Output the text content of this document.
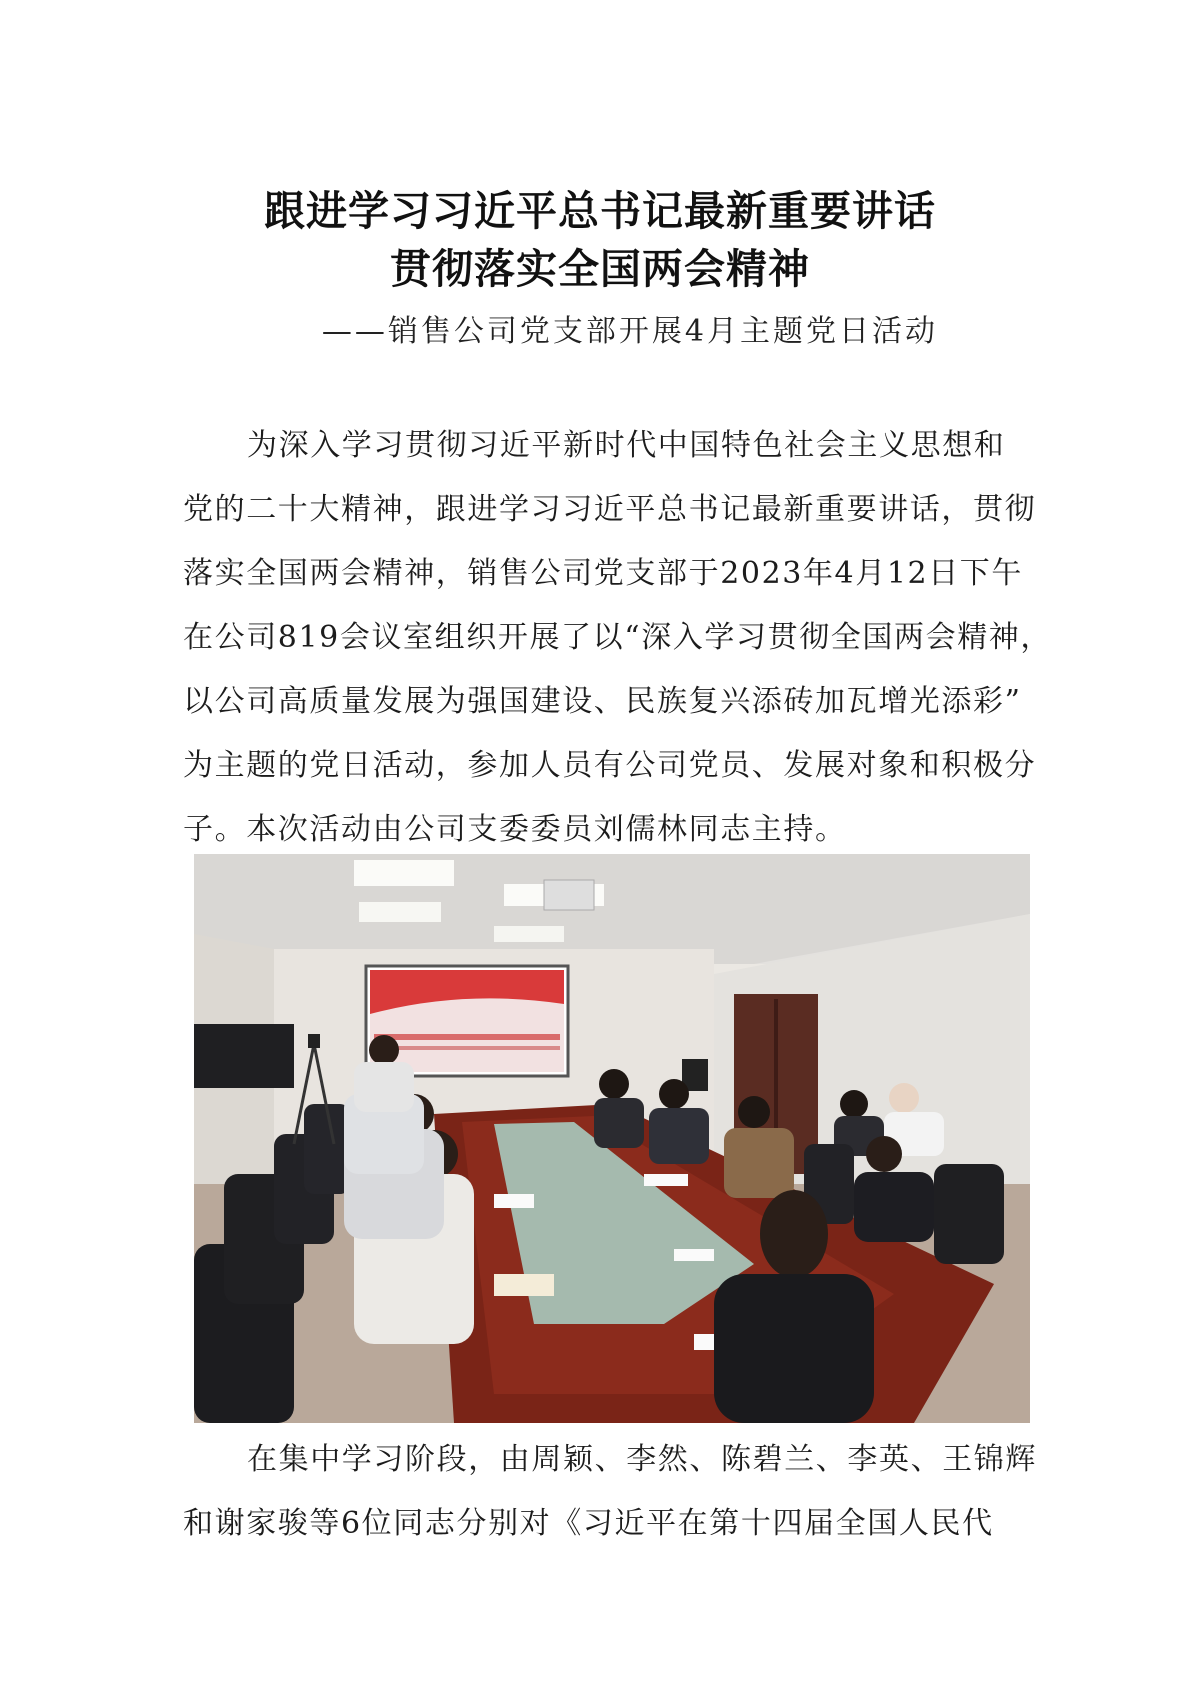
跟进学习习近平总书记最新重要讲话
贯彻落实全国两会精神
——销售公司党支部开展4月主题党日活动
为深入学习贯彻习近平新时代中国特色社会主义思想和
党的二十大精神，跟进学习习近平总书记最新重要讲话，贯彻
落实全国两会精神，销售公司党支部于2023年4月12日下午
在公司819会议室组织开展了以“深入学习贯彻全国两会精神，
以公司高质量发展为强国建设、民族复兴添砖加瓦增光添彩”
为主题的党日活动，参加人员有公司党员、发展对象和积极分
子。本次活动由公司支委委员刘儒林同志主持。
在集中学习阶段，由周颖、李然、陈碧兰、李英、王锦辉
和谢家骏等6位同志分别对《习近平在第十四届全国人民代
